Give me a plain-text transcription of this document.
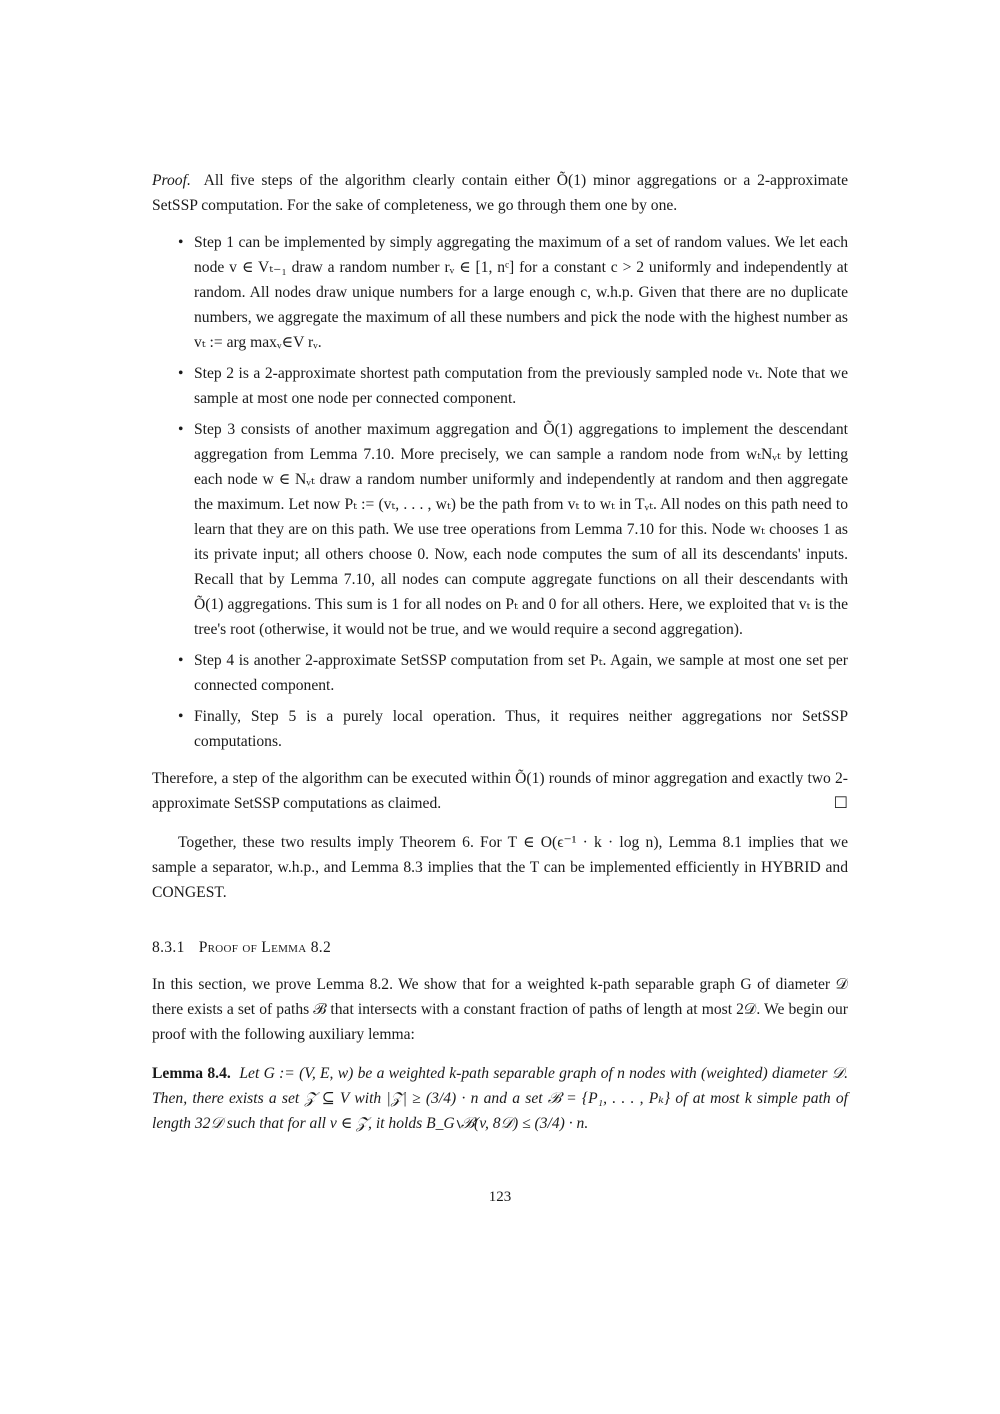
Proof. All five steps of the algorithm clearly contain either Õ(1) minor aggregations or a 2-approximate SetSSP computation. For the sake of completeness, we go through them one by one.

• Step 1 can be implemented by simply aggregating the maximum of a set of random values. We let each node v ∈ Vₜ₋₁ draw a random number rᵥ ∈ [1, nᶜ] for a constant c > 2 uniformly and independently at random. All nodes draw unique numbers for a large enough c, w.h.p. Given that there are no duplicate numbers, we aggregate the maximum of all these numbers and pick the node with the highest number as vₜ := arg maxᵥ∈V rᵥ.
• Step 2 is a 2-approximate shortest path computation from the previously sampled node vₜ. Note that we sample at most one node per connected component.
• Step 3 consists of another maximum aggregation and Õ(1) aggregations to implement the descendant aggregation from Lemma 7.10. More precisely, we can sample a random node from wₜNᵥₜ by letting each node w ∈ Nᵥₜ draw a random number uniformly and independently at random and then aggregate the maximum. Let now Pₜ := (vₜ, . . . , wₜ) be the path from vₜ to wₜ in Tᵥₜ. All nodes on this path need to learn that they are on this path. We use tree operations from Lemma 7.10 for this. Node wₜ chooses 1 as its private input; all others choose 0. Now, each node computes the sum of all its descendants' inputs. Recall that by Lemma 7.10, all nodes can compute aggregate functions on all their descendants with Õ(1) aggregations. This sum is 1 for all nodes on Pₜ and 0 for all others. Here, we exploited that vₜ is the tree's root (otherwise, it would not be true, and we would require a second aggregation).
• Step 4 is another 2-approximate SetSSP computation from set Pₜ. Again, we sample at most one set per connected component.
• Finally, Step 5 is a purely local operation. Thus, it requires neither aggregations nor SetSSP computations.

Therefore, a step of the algorithm can be executed within Õ(1) rounds of minor aggregation and exactly two 2-approximate SetSSP computations as claimed.	☐

Together, these two results imply Theorem 6. For T ∈ O(ϵ⁻¹ · k · log n), Lemma 8.1 implies that we sample a separator, w.h.p., and Lemma 8.3 implies that the T can be implemented efficiently in HYBRID and CONGEST.

8.3.1 Proof of Lemma 8.2

In this section, we prove Lemma 8.2. We show that for a weighted k-path separable graph G of diameter 𝒟 there exists a set of paths ℬ that intersects with a constant fraction of paths of length at most 2𝒟. We begin our proof with the following auxiliary lemma:

Lemma 8.4. Let G := (V, E, w) be a weighted k-path separable graph of n nodes with (weighted) diameter 𝒟. Then, there exists a set 𝒵 ⊆ V with |𝒵| ≥ (3/4) · n and a set ℬ = {P₁, . . . , Pₖ} of at most k simple path of length 32𝒟 such that for all v ∈ 𝒵, it holds B_G∖ℬ(v, 8𝒟) ≤ (3/4) · n.

123
